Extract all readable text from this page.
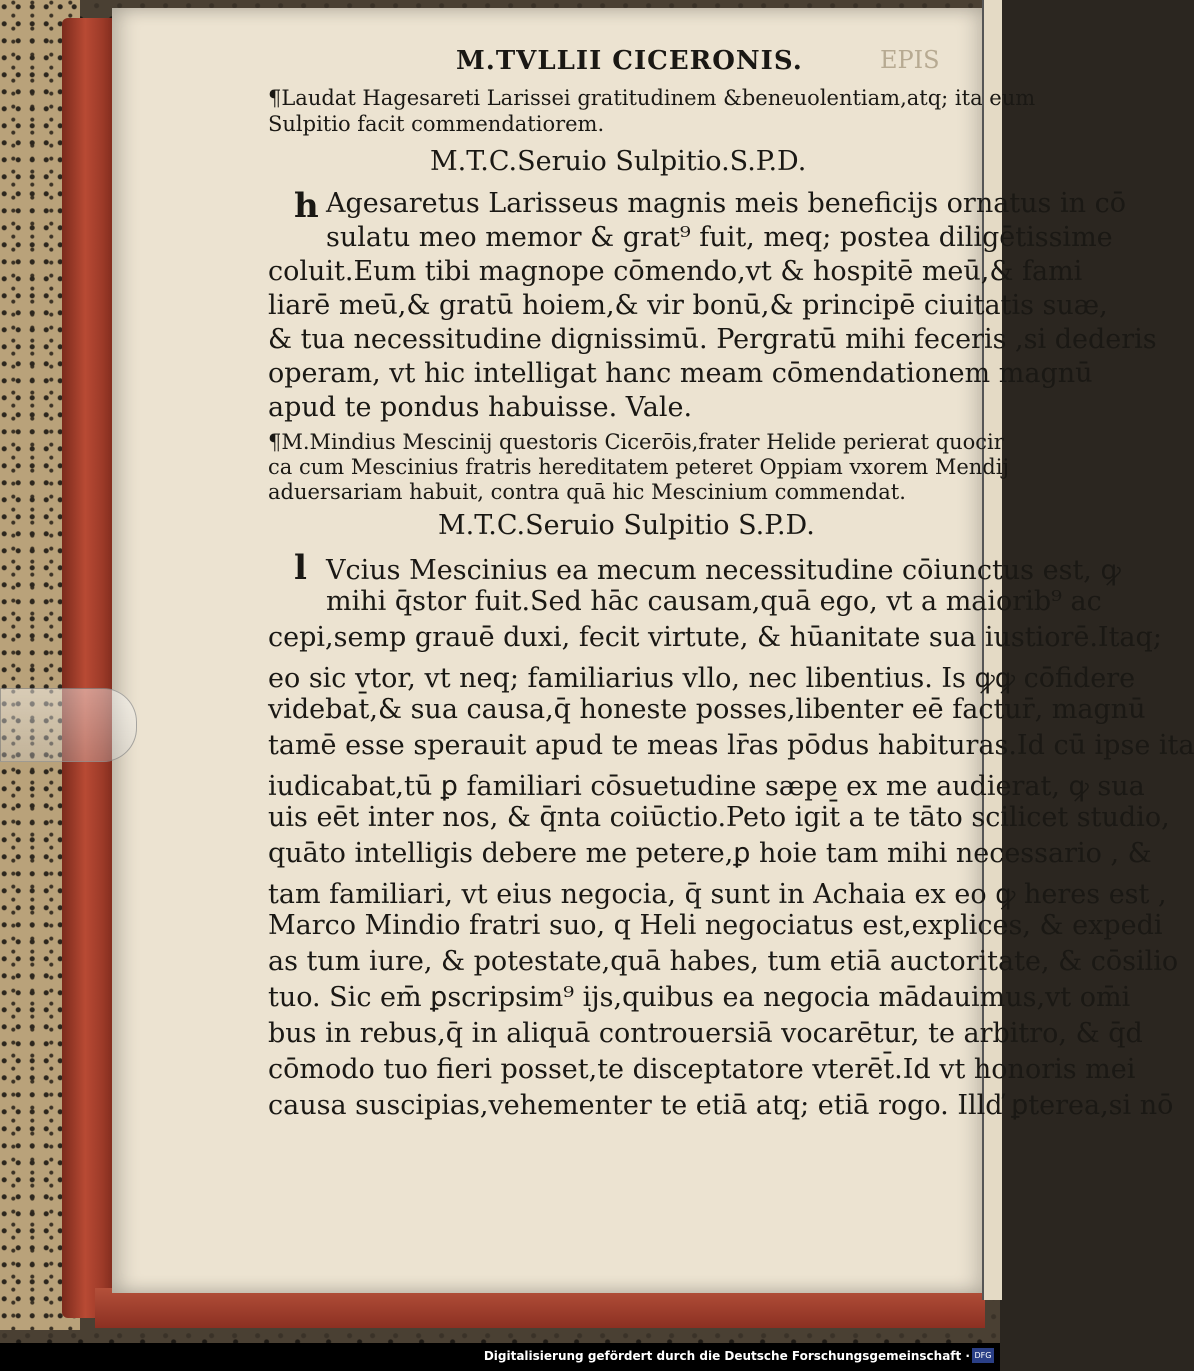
M.TVLLII CICERONIS.	EPIS
¶Laudat Hagesareti Larissei gratitudinem &beneuolentiam,atq; ita eum
Sulpitio facit commendatiorem.
M.T.C.Seruio Sulpitio.S.P.D.
h Agesaretus Larisseus magnis meis beneficijs ornatus in cō
sulatu meo memor & grat⁹ fuit, meq; postea diligētissime
coluit.Eum tibi magnope cōmendo,vt & hospitē meū,& fami
liarē meū,& gratū hoiem,& vir bonū,& principē ciuitatis suæ,
& tua necessitudine dignissimū. Pergratū mihi feceris ,si dederis
operam, vt hic intelligat hanc meam cōmendationem magnū
apud te pondus habuisse. Vale.
¶M.Mindius Mescinij questoris Cicerōis,frater Helide perierat quocir
ca cum Mescinius fratris hereditatem peteret Oppiam vxorem Mendij
aduersariam habuit, contra quā hic Mescinium commendat.
M.T.C.Seruio Sulpitio S.P.D.
l Vcius Mescinius ea mecum necessitudine cōiunctus est, ꝙ
mihi q̄stor fuit.Sed hāc causam,quā ego, vt a maiorib⁹ ac
cepi,semp grauē duxi, fecit virtute, & hūanitate sua iustiorē.Itaq;
eo sic vtor, vt neq; familiarius vllo, nec libentius. Is ꝙꝙ cōfidere
videbat̄,& sua causa,q̄ honeste posses,libenter eē factur̄, magnū
tamē esse sperauit apud te meas lr̄as pōdus habituras.Id cū ipse ita
iudicabat,tū ꝑ familiari cōsuetudine sæpe ex me audierat, ꝙ sua
uis eēt inter nos, & q̄nta coiūctio.Peto igit̄ a te tāto scilicet studio,
quāto intelligis debere me petere,ꝑ hoie tam mihi necessario , &
tam familiari, vt eius negocia, q̄ sunt in Achaia ex eo ꝙ heres est ,
Marco Mindio fratri suo, q Heli negociatus est,explices, & expedi
as tum iure, & potestate,quā habes, tum etiā auctoritate, & cōsilio
tuo. Sic em̄ ꝑscripsim⁹ ijs,quibus ea negocia mādauimus,vt om̄i
bus in rebus,q̄ in aliquā controuersiā vocarētur, te arbitro, & q̄d
cōmodo tuo fieri posset,te disceptatore vterēt̄.Id vt honoris mei
causa suscipias,vehementer te etiā atq; etiā rogo. Illď ꝑterea,si nō
Digitalisierung gefördert durch die Deutsche Forschungsgemeinschaft · DFG
